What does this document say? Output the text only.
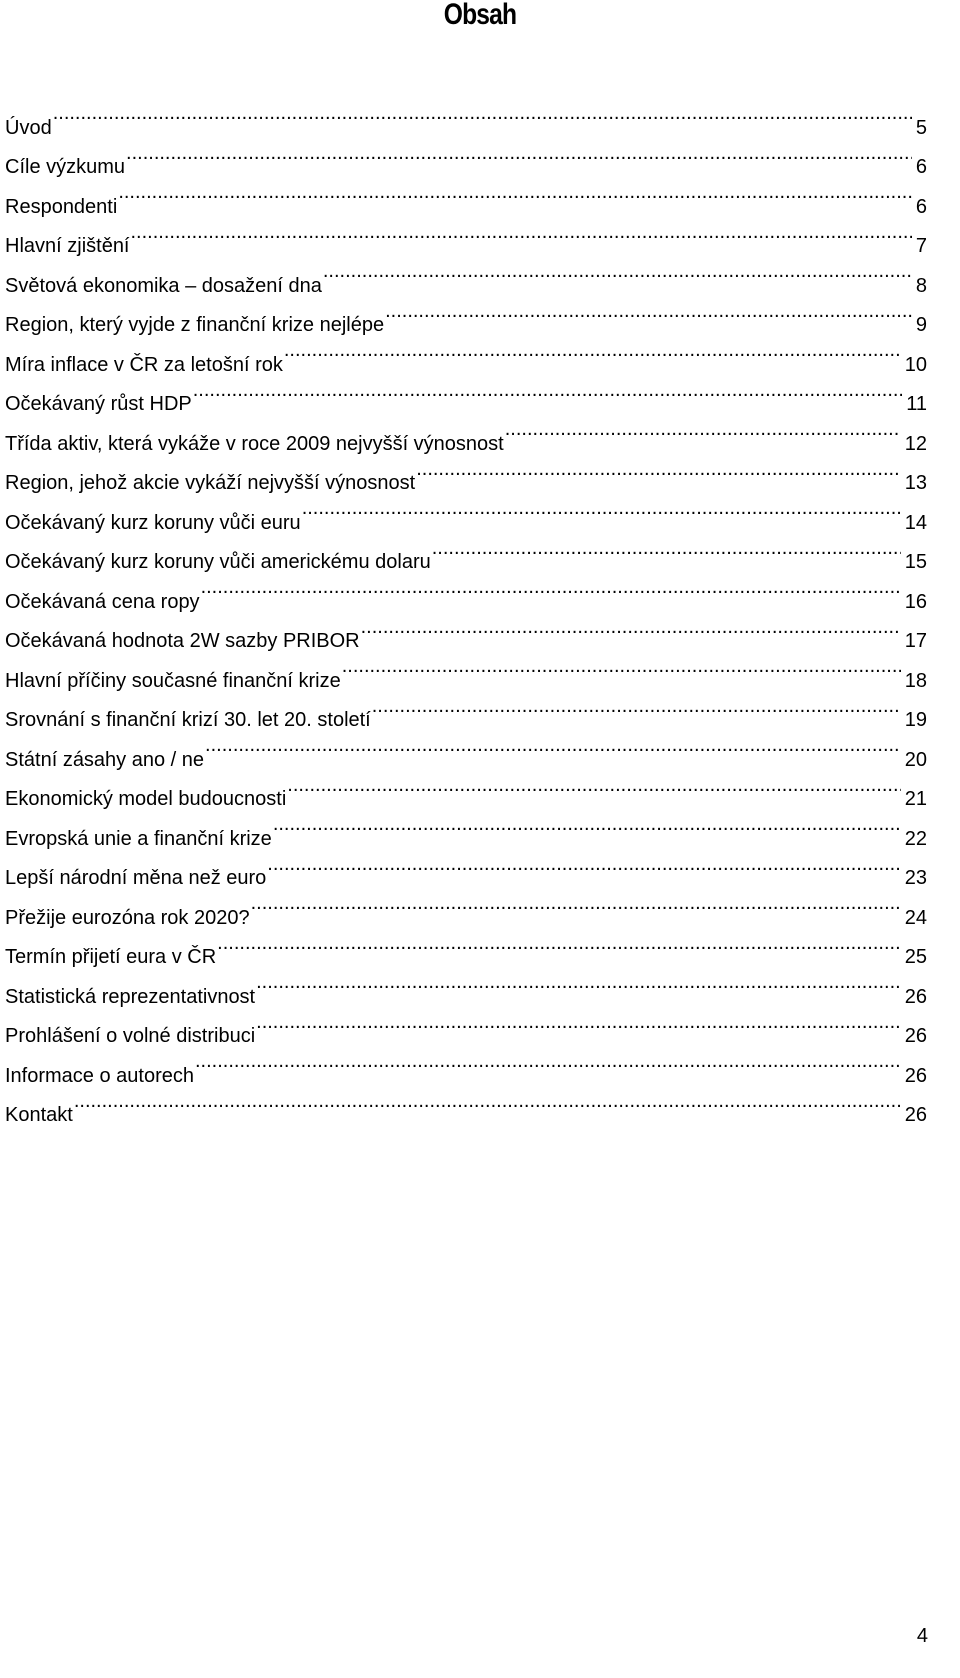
Obsah
Úvod .....	5
Cíle výzkumu .....	6
Respondenti .....	6
Hlavní zjištění .....	7
Světová ekonomika – dosažení dna .....	8
Region, který vyjde z finanční krize nejlépe .....	9
Míra inflace v ČR za letošní rok .....	10
Očekávaný růst HDP .....	11
Třída aktiv, která vykáže v roce 2009 nejvyšší výnosnost .....	12
Region, jehož akcie vykáží nejvyšší výnosnost .....	13
Očekávaný kurz koruny vůči euru .....	14
Očekávaný kurz koruny vůči americkému dolaru .....	15
Očekávaná cena ropy .....	16
Očekávaná hodnota 2W sazby PRIBOR .....	17
Hlavní příčiny současné finanční krize .....	18
Srovnání s finanční krizí 30. let 20. století .....	19
Státní zásahy ano / ne .....	20
Ekonomický model budoucnosti .....	21
Evropská unie a finanční krize .....	22
Lepší národní měna než euro .....	23
Přežije eurozóna rok 2020? .....	24
Termín přijetí eura v ČR .....	25
Statistická reprezentativnost .....	26
Prohlášení o volné distribuci .....	26
Informace o autorech .....	26
Kontakt .....	26
4
